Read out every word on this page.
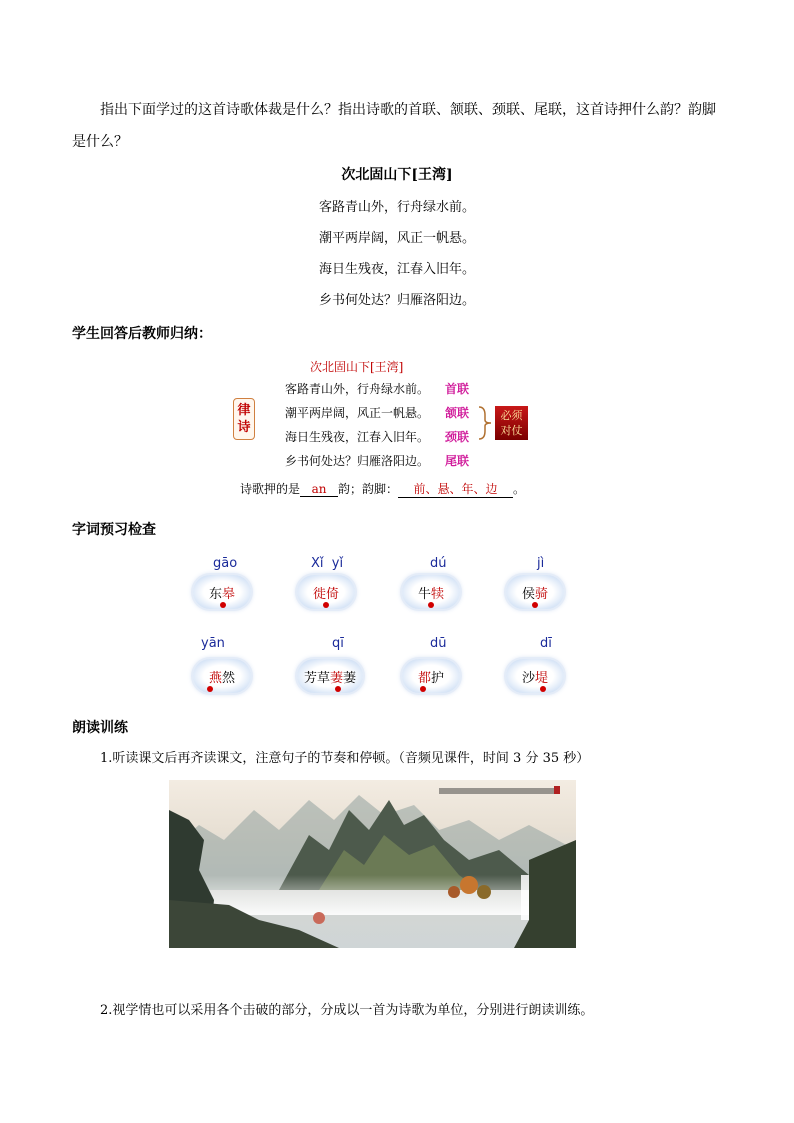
指出下面学过的这首诗歌体裁是什么？指出诗歌的首联、颔联、颈联、尾联，这首诗押什么韵？韵脚
是什么？
次北固山下[王湾]
客路青山外，行舟绿水前。
潮平两岸阔，风正一帆悬。
海日生残夜，江春入旧年。
乡书何处达？归雁洛阳边。
学生回答后教师归纳：
次北固山下[王湾]
律
诗
客路青山外，行舟绿水前。
潮平两岸阔，风正一帆悬。
海日生残夜，江春入旧年。
乡书何处达？归雁洛阳边。
首联
颔联
颈联
尾联
必须
对仗
诗歌押的是 an 韵；韵脚： 前、悬、年、边 。
字词预习检查
gāo
东 皋
Xǐ  yǐ
徙倚
dú
牛 犊
jì
侯 骑
yān
燕 然
qī
芳草 萋 萋
dū
都 护
dī
沙 堤
朗读训练
1.听读课文后再齐读课文，注意句子的节奏和停顿。（音频见课件，时间 3 分 35 秒）
2.视学情也可以采用各个击破的部分，分成以一首为诗歌为单位，分别进行朗读训练。
